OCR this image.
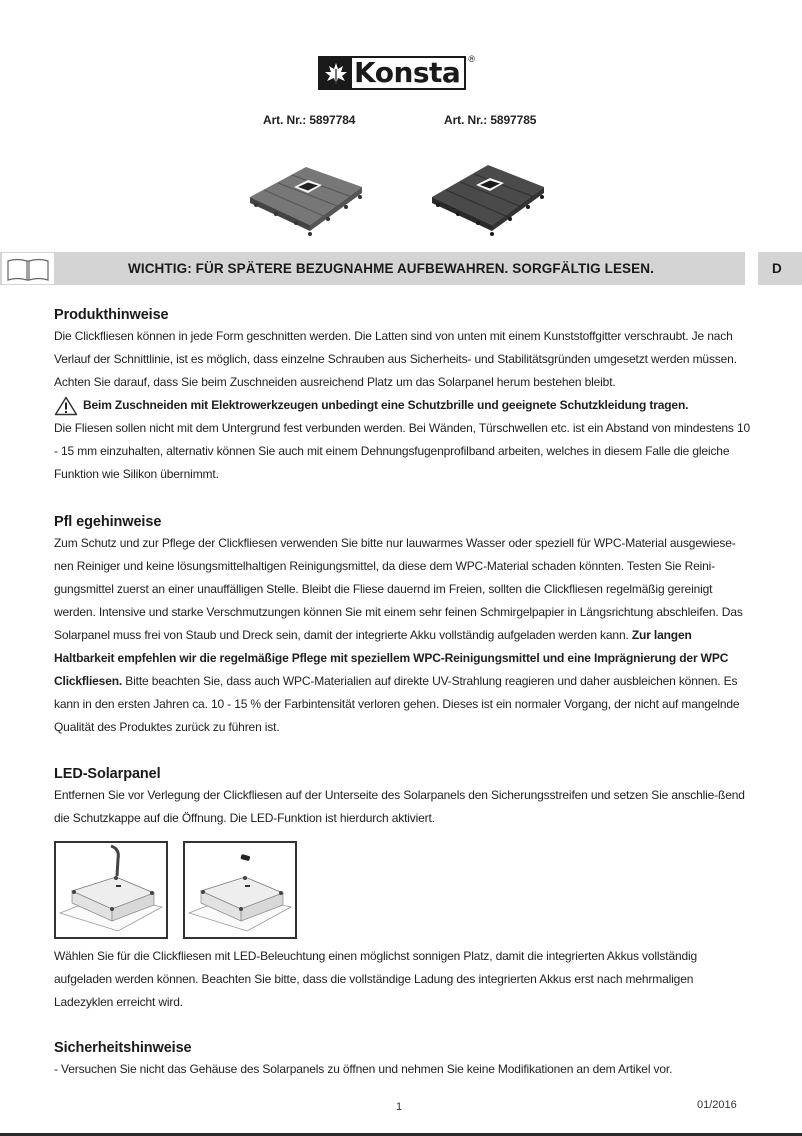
Konsta ®
Art. Nr.: 5897784	Art. Nr.: 5897785
WICHTIG: FÜR SPÄTERE BEZUGNAHME AUFBEWAHREN. SORGFÄLTIG LESEN.	D
Produkthinweise

Die Clickfliesen können in jede Form geschnitten werden. Die Latten sind von unten mit einem Kunststoffgitter verschraubt. Je nach Verlauf der Schnittlinie, ist es möglich, dass einzelne Schrauben aus Sicherheits- und Stabilitätsgründen umgesetzt werden müssen. Achten Sie darauf, dass Sie beim Zuschneiden ausreichend Platz um das Solarpanel herum bestehen bleibt.

Beim Zuschneiden mit Elektrowerkzeugen unbedingt eine Schutzbrille und geeignete Schutzkleidung tragen.

Die Fliesen sollen nicht mit dem Untergrund fest verbunden werden. Bei Wänden, Türschwellen etc. ist ein Abstand von mindestens 10 - 15 mm einzuhalten, alternativ können Sie auch mit einem Dehnungsfugenprofilband arbeiten, welches in diesem Falle die gleiche Funktion wie Silikon übernimmt.

Pfl egehinweise

Zum Schutz und zur Pflege der Clickfliesen verwenden Sie bitte nur lauwarmes Wasser oder speziell für WPC-Material ausgewiese-nen Reiniger und keine lösungsmittelhaltigen Reinigungsmittel, da diese dem WPC-Material schaden könnten. Testen Sie Reini-gungsmittel zuerst an einer unauffälligen Stelle. Bleibt die Fliese dauernd im Freien, sollten die Clickfliesen regelmäßig gereinigt werden. Intensive und starke Verschmutzungen können Sie mit einem sehr feinen Schmirgelpapier in Längsrichtung abschleifen. Das Solarpanel muss frei von Staub und Dreck sein, damit der integrierte Akku vollständig aufgeladen werden kann. Zur langen Haltbarkeit empfehlen wir die regelmäßige Pflege mit speziellem WPC-Reinigungsmittel und eine Imprägnierung der WPC Clickfliesen. Bitte beachten Sie, dass auch WPC-Materialien auf direkte UV-Strahlung reagieren und daher ausbleichen können. Es kann in den ersten Jahren ca. 10 - 15 % der Farbintensität verloren gehen. Dieses ist ein normaler Vorgang, der nicht auf mangelnde Qualität des Produktes zurück zu führen ist.

LED-Solarpanel

Entfernen Sie vor Verlegung der Clickfliesen auf der Unterseite des Solarpanels den Sicherungsstreifen und setzen Sie anschlie-ßend die Schutzkappe auf die Öffnung. Die LED-Funktion ist hierdurch aktiviert.

Sicherheitshinweise

- Versuchen Sie nicht das Gehäuse des Solarpanels zu öffnen und nehmen Sie keine Modifikationen an dem Artikel vor.

Wählen Sie für die Clickfliesen mit LED-Beleuchtung einen möglichst sonnigen Platz, damit die integrierten Akkus vollständig aufgeladen werden können. Beachten Sie bitte, dass die vollständige Ladung des integrierten Akkus erst nach mehrmaligen Ladezyklen erreicht wird.

1	01/2016
